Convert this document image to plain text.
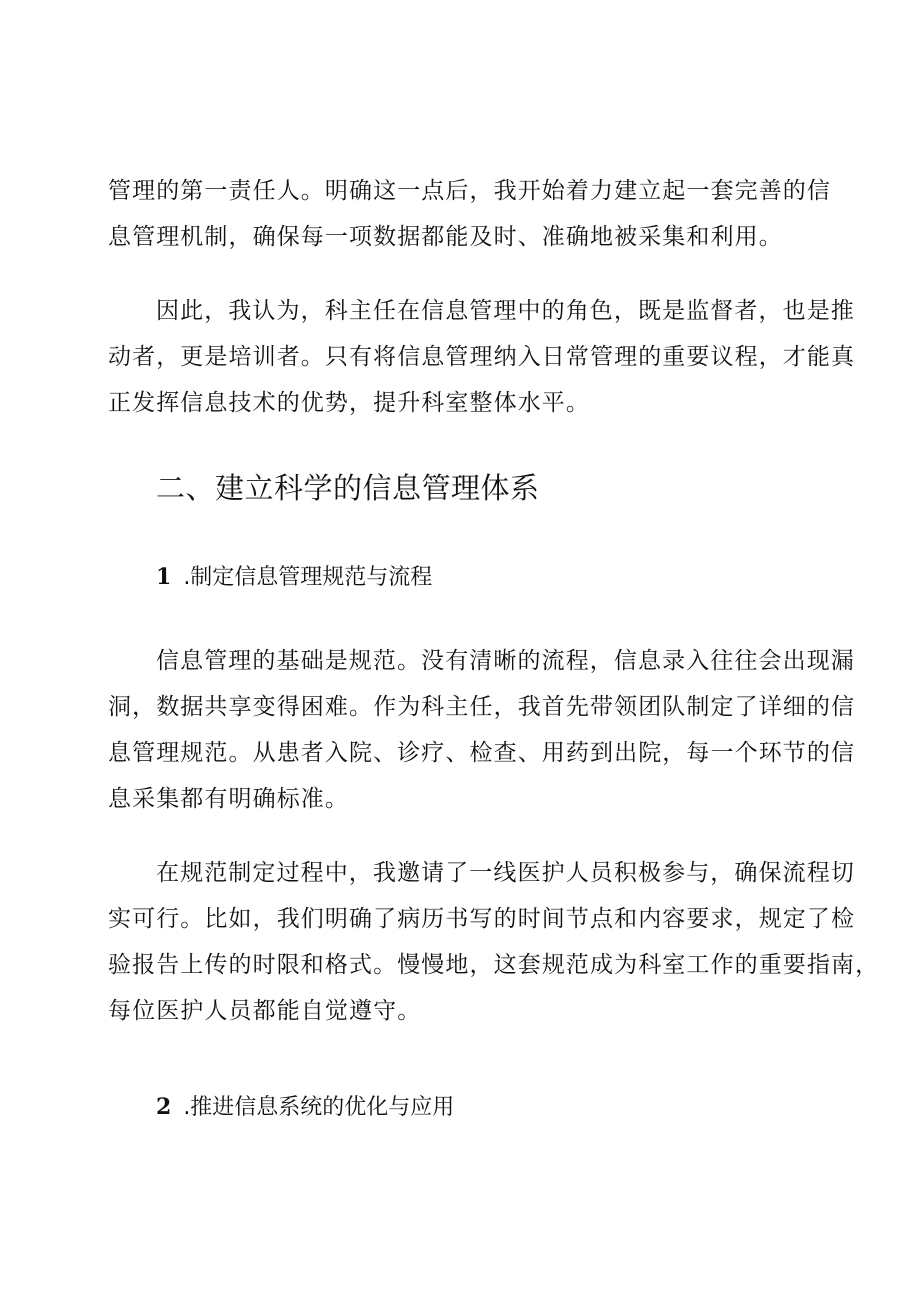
管理的第一责任人。明确这一点后，我开始着力建立起一套完善的信
息管理机制，确保每一项数据都能及时、准确地被采集和利用。

因此，我认为，科主任在信息管理中的角色，既是监督者，也是推
动者，更是培训者。只有将信息管理纳入日常管理的重要议程，才能真
正发挥信息技术的优势，提升科室整体水平。

二、建立科学的信息管理体系
1 .制定信息管理规范与流程

信息管理的基础是规范。没有清晰的流程，信息录入往往会出现漏
洞，数据共享变得困难。作为科主任，我首先带领团队制定了详细的信
息管理规范。从患者入院、诊疗、检查、用药到出院，每一个环节的信
息采集都有明确标准。

在规范制定过程中，我邀请了一线医护人员积极参与，确保流程切
实可行。比如，我们明确了病历书写的时间节点和内容要求，规定了检
验报告上传的时限和格式。慢慢地，这套规范成为科室工作的重要指南，
每位医护人员都能自觉遵守。

2 .推进信息系统的优化与应用
